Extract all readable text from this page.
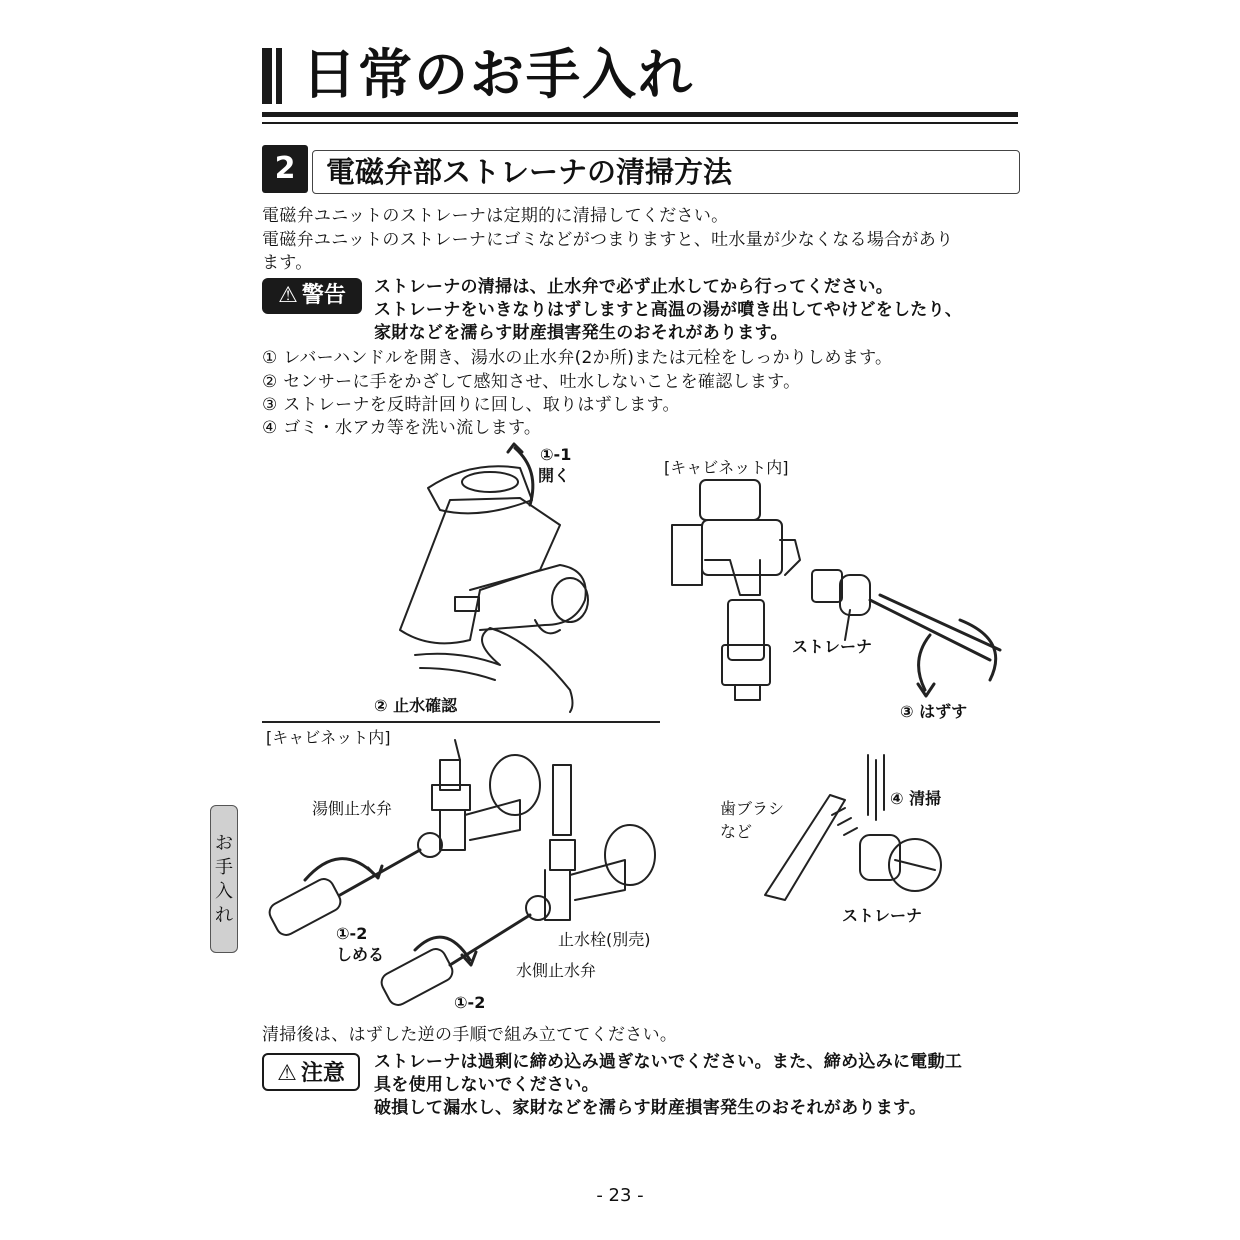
日常のお手入れ
2	電磁弁部ストレーナの清掃方法
電磁弁ユニットのストレーナは定期的に清掃してください。
電磁弁ユニットのストレーナにゴミなどがつまりますと、吐水量が少なくなる場合があり
ます。
⚠ 警告	ストレーナの清掃は、止水弁で必ず止水してから行ってください。
ストレーナをいきなりはずしますと高温の湯が噴き出してやけどをしたり、
家財などを濡らす財産損害発生のおそれがあります。
① レバーハンドルを開き、湯水の止水弁(2か所)または元栓をしっかりしめます。
② センサーに手をかざして感知させ、吐水しないことを確認します。
③ ストレーナを反時計回りに回し、取りはずします。
④ ゴミ・水アカ等を洗い流します。
①-1
開く
② 止水確認
[キャビネット内]
ストレーナ
③ はずす
[キャビネット内]
湯側止水弁
①-2
しめる
止水栓(別売)
水側止水弁
①-2
歯ブラシ
など
④ 清掃
ストレーナ
お
手
入
れ
清掃後は、はずした逆の手順で組み立ててください。
⚠ 注意	ストレーナは過剰に締め込み過ぎないでください。また、締め込みに電動工
具を使用しないでください。
破損して漏水し、家財などを濡らす財産損害発生のおそれがあります。
- 23 -
